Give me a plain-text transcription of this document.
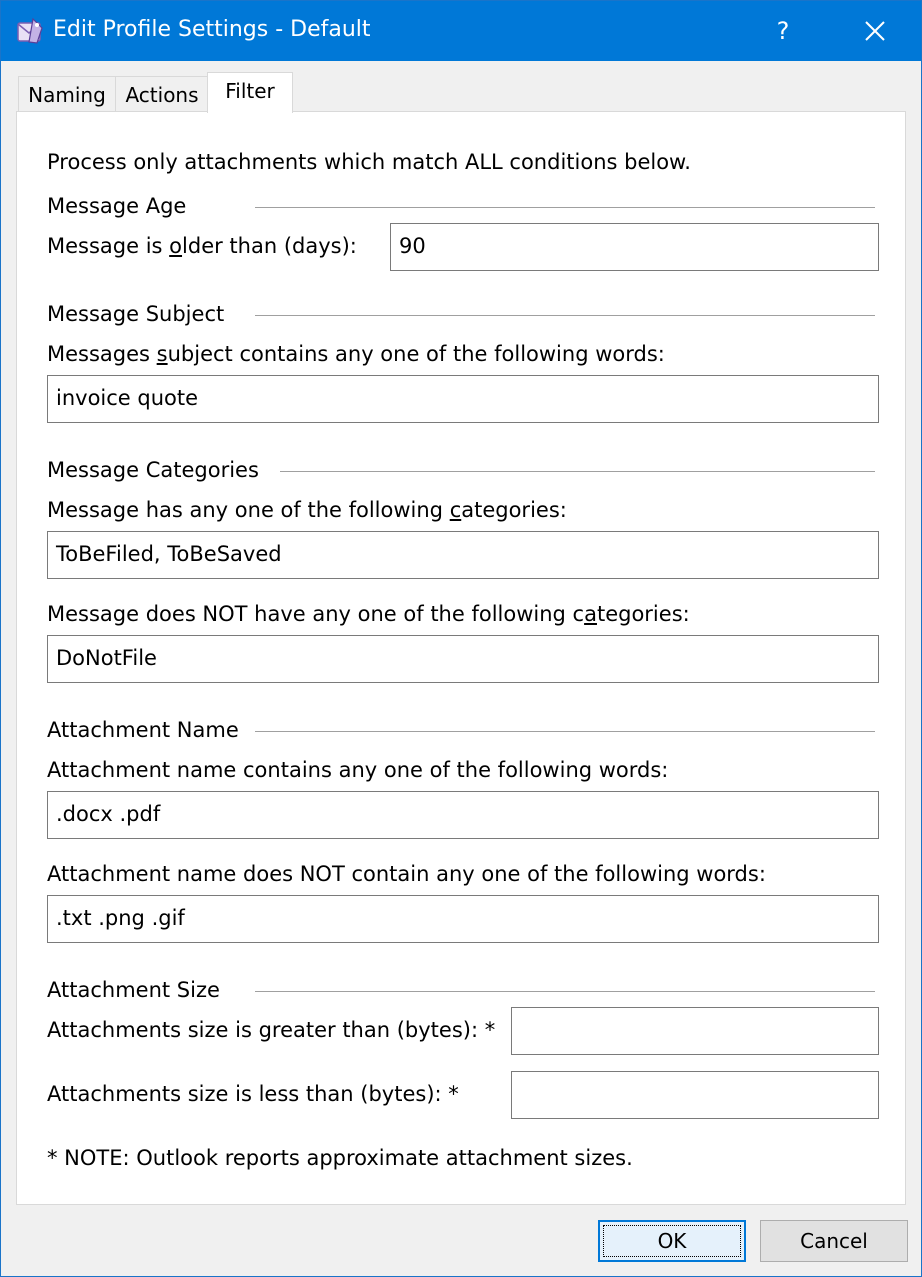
Edit Profile Settings - Default	?
Naming Actions	Filter
Process only attachments which match ALL conditions below.
Message Age
Message is older than (days):	90
Message Subject
Messages subject contains any one of the following words:
invoice quote
Message Categories
Message has any one of the following categories:
ToBeFiled, ToBeSaved
Message does NOT have any one of the following categories:
DoNotFile
Attachment Name
Attachment name contains any one of the following words:
.docx .pdf
Attachment name does NOT contain any one of the following words:
.txt .png .gif
Attachment Size
Attachments size is greater than (bytes): *
Attachments size is less than (bytes): *
* NOTE: Outlook reports approximate attachment sizes.
OK	Cancel
